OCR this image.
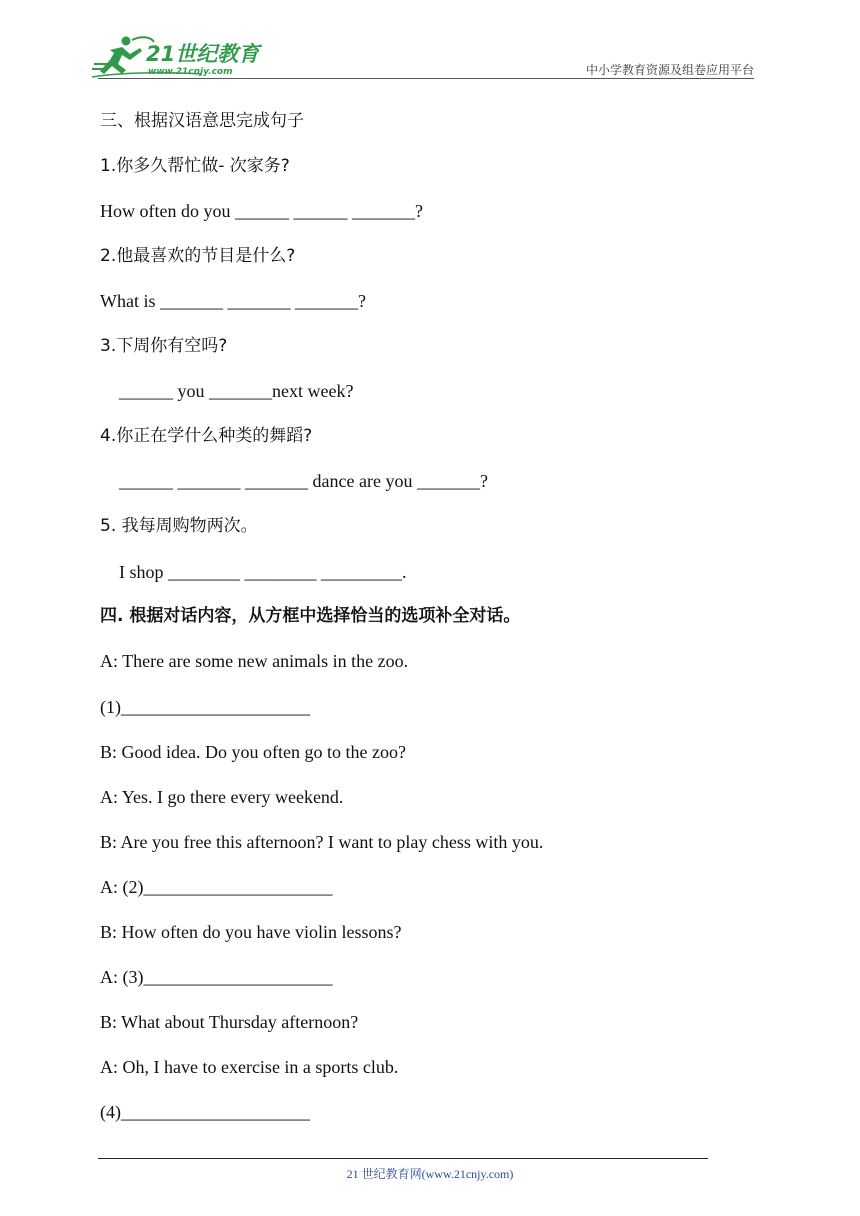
21世纪教育
www.21cnjy.com	中小学教育资源及组卷应用平台
三、根据汉语意思完成句子
1.你多久帮忙做- 次家务?
How often do you ______ ______ _______?
2.他最喜欢的节目是什么?
What is _______ _______ _______?
3.下周你有空吗?
______ you _______next week?
4.你正在学什么种类的舞蹈?
______ _______ _______ dance are you _______?
5. 我每周购物两次。
I shop ________ ________ _________.
四. 根据对话内容，从方框中选择恰当的选项补全对话。
A: There are some new animals in the zoo.
(1)_____________________
B: Good idea. Do you often go to the zoo?
A: Yes. I go there every weekend.
B: Are you free this afternoon? I want to play chess with you.
A: (2)_____________________
B: How often do you have violin lessons?
A: (3)_____________________
B: What about Thursday afternoon?
A: Oh, I have to exercise in a sports club.
(4)_____________________
21 世纪教育网(www.21cnjy.com)
